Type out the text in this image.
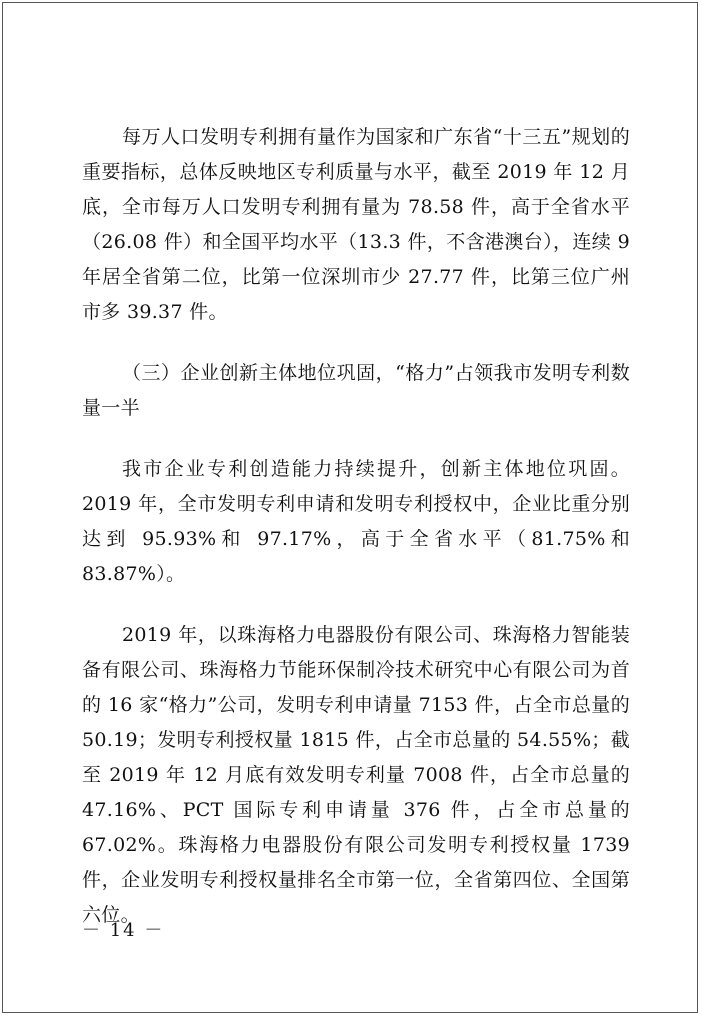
每万人口发明专利拥有量作为国家和广东省“十三五”规划的重要指标，总体反映地区专利质量与水平，截至 2019 年 12 月底，全市每万人口发明专利拥有量为 78.58 件，高于全省水平（26.08 件）和全国平均水平（13.3 件，不含港澳台），连续 9 年居全省第二位，比第一位深圳市少 27.77 件，比第三位广州市多 39.37 件。

（三）企业创新主体地位巩固，“格力”占领我市发明专利数量一半

我市企业专利创造能力持续提升，创新主体地位巩固。2019 年，全市发明专利申请和发明专利授权中，企业比重分别达到 95.93%和 97.17%，高于全省水平（81.75%和 83.87%）。

2019 年，以珠海格力电器股份有限公司、珠海格力智能装备有限公司、珠海格力节能环保制冷技术研究中心有限公司为首的 16 家“格力”公司，发明专利申请量 7153 件，占全市总量的 50.19；发明专利授权量 1815 件，占全市总量的 54.55%；截至 2019 年 12 月底有效发明专利量 7008 件，占全市总量的 47.16%、PCT 国际专利申请量 376 件，占全市总量的 67.02%。珠海格力电器股份有限公司发明专利授权量 1739 件，企业发明专利授权量排名全市第一位，全省第四位、全国第六位。

－ 14 －
